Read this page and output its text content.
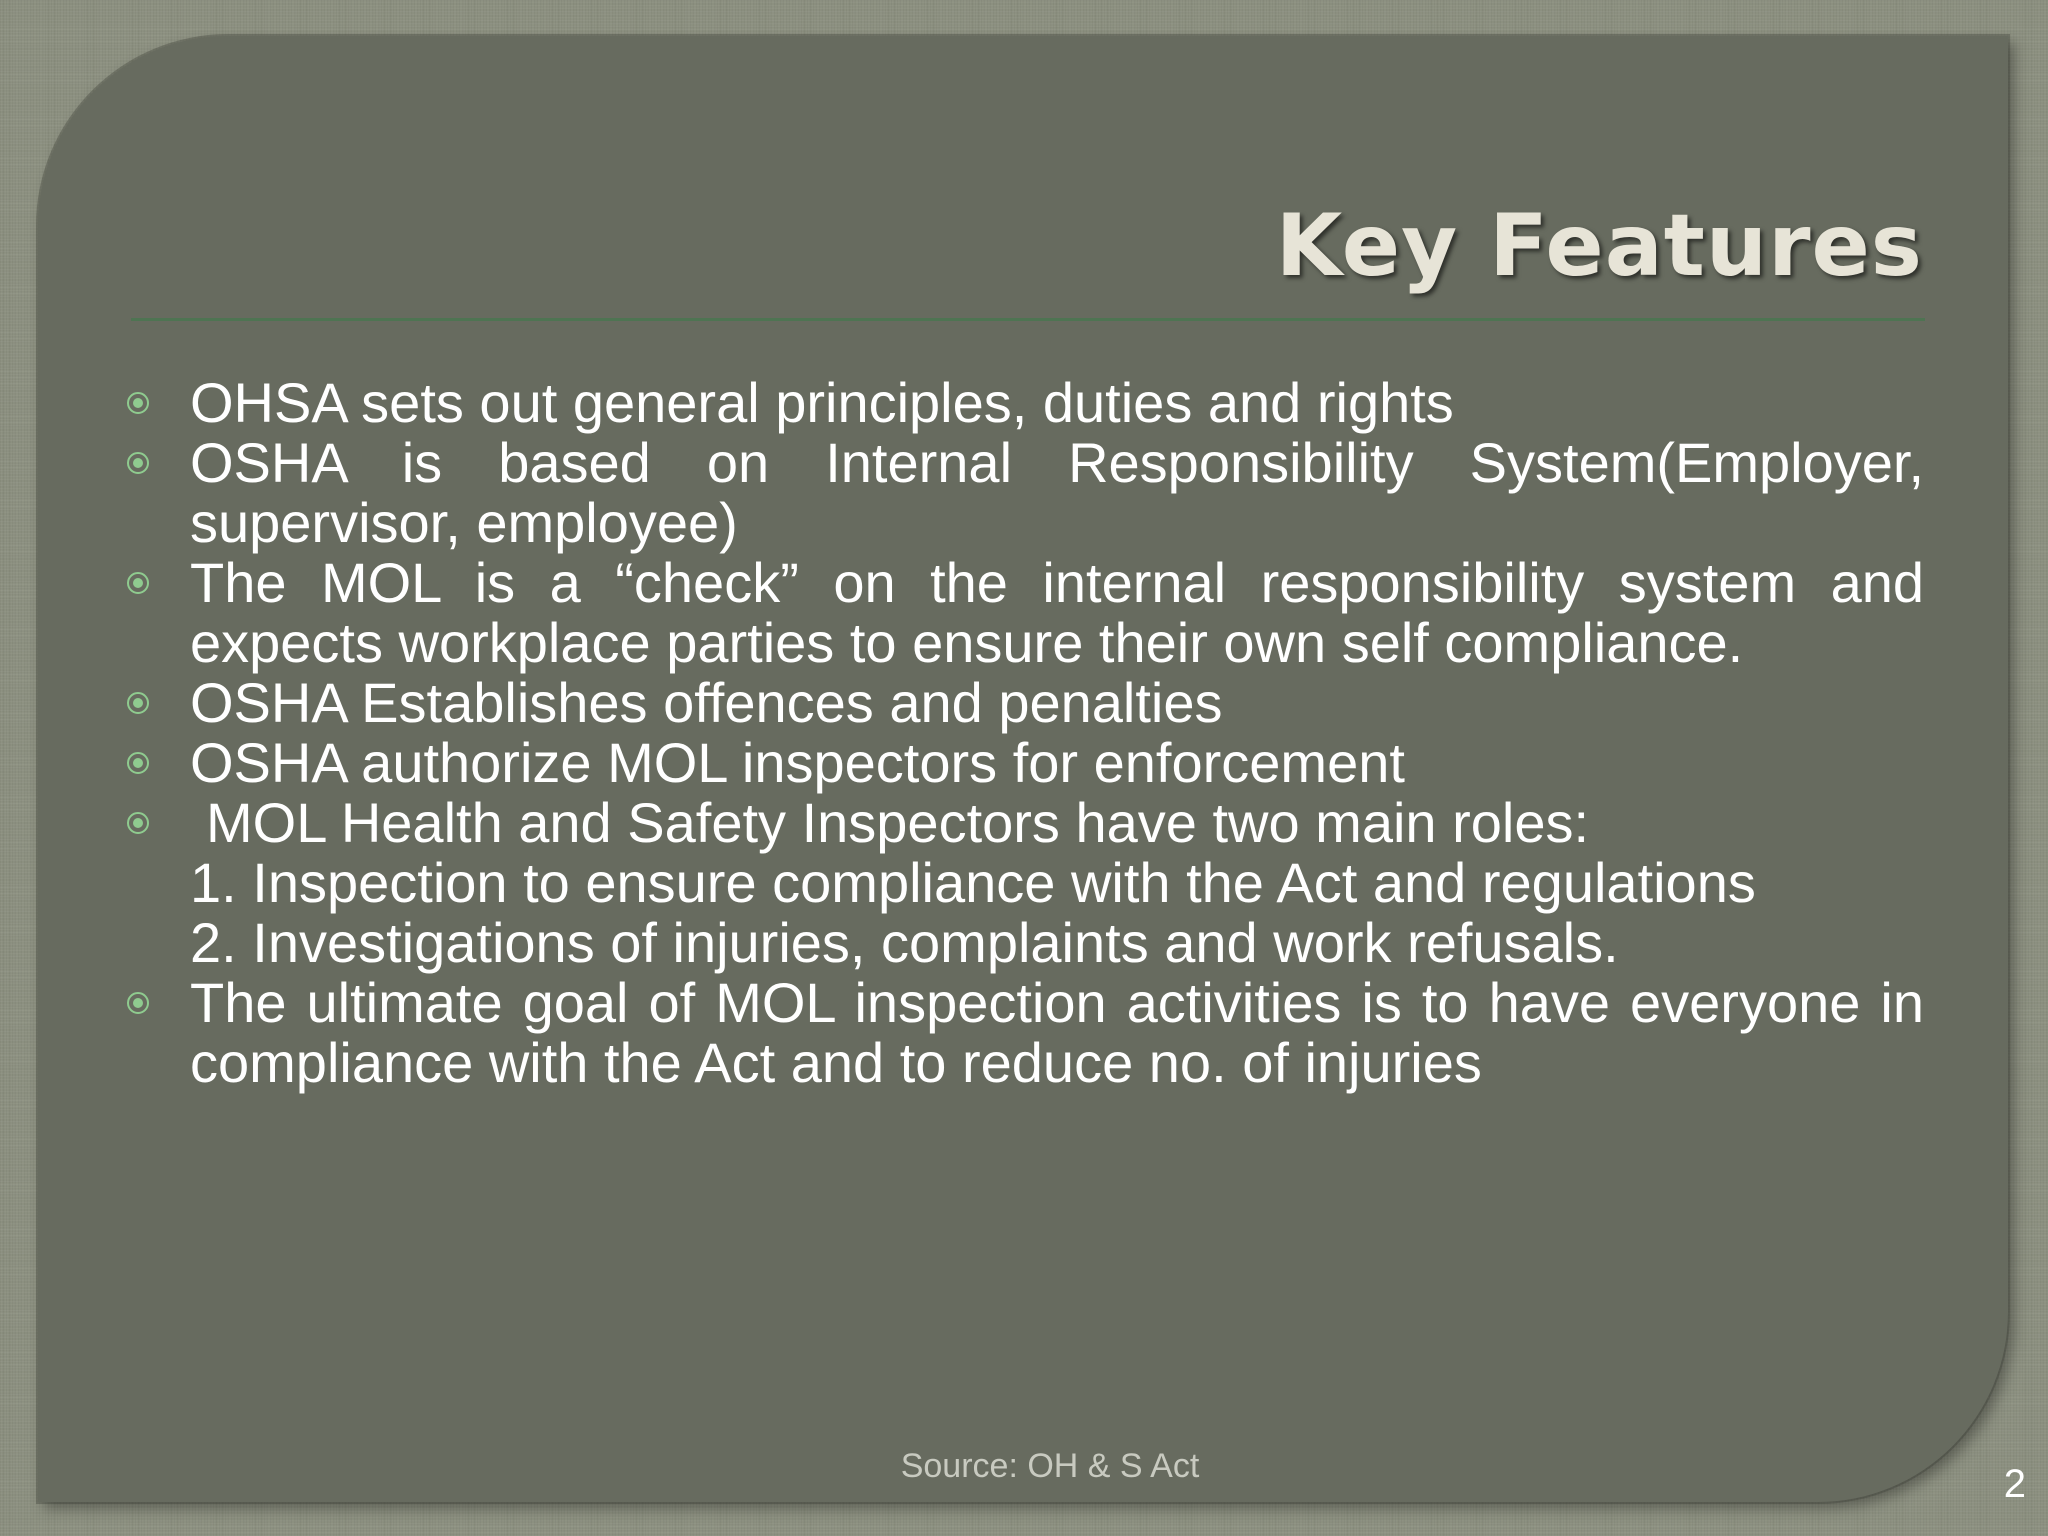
Key Features
OHSA sets out general principles, duties and rights
OSHA is based on Internal Responsibility System(Employer, supervisor, employee)
The MOL is a “check” on the internal responsibility system and expects workplace parties to ensure their own self compliance.
OSHA Establishes offences and penalties
OSHA authorize MOL inspectors for enforcement
MOL Health and Safety Inspectors have two main roles:
1. Inspection to ensure compliance with the Act and regulations
2. Investigations of injuries, complaints and work refusals.
The ultimate goal of MOL inspection activities is to have everyone in compliance with the Act and to reduce no. of injuries
Source: OH & S Act	2
